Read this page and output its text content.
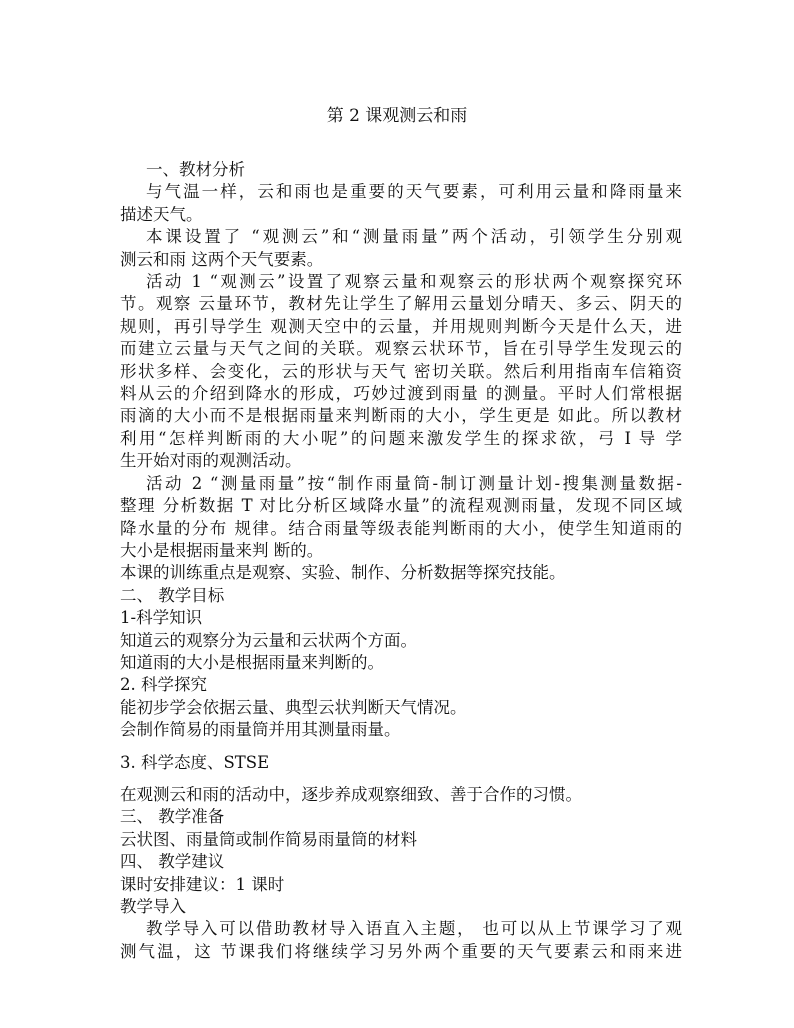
第 2 课观测云和雨

一、教材分析

与气温一样，云和雨也是重要的天气要素，可利用云量和降雨量来
描述天气。

本课设置了 “观测云”和“测量雨量”两个活动，引领学生分别观
测云和雨 这两个天气要素。

活动 1 “观测云”设置了观察云量和观察云的形状两个观察探究环
节。观察 云量环节，教材先让学生了解用云量划分晴天、多云、阴天的
规则，再引导学生 观测天空中的云量，并用规则判断今天是什么天，进
而建立云量与天气之间的关联。观察云状环节，旨在引导学生发现云的
形状多样、会变化，云的形状与天气 密切关联。然后利用指南车信箱资
料从云的介绍到降水的形成，巧妙过渡到雨量 的测量。平时人们常根据
雨滴的大小而不是根据雨量来判断雨的大小，学生更是 如此。所以教材
利用“怎样判断雨的大小呢”的问题来激发学生的探求欲，弓 I 导 学
生开始对雨的观测活动。

活动 2 “测量雨量”按“制作雨量筒-制订测量计划-搜集测量数据-
整理 分析数据 T 对比分析区域降水量”的流程观测雨量，发现不同区域
降水量的分布 规律。结合雨量等级表能判断雨的大小，使学生知道雨的
大小是根据雨量来判 断的。

本课的训练重点是观察、实验、制作、分析数据等探究技能。

二、 教学目标

1-科学知识

知道云的观察分为云量和云状两个方面。

知道雨的大小是根据雨量来判断的。

2. 科学探究

能初步学会依据云量、典型云状判断天气情况。

会制作简易的雨量筒并用其测量雨量。

3. 科学态度、STSE

在观测云和雨的活动中，逐步养成观察细致、善于合作的习惯。

三、 教学准备

云状图、雨量筒或制作简易雨量筒的材料

四、 教学建议

课时安排建议：1 课时

教学导入

教学导入可以借助教材导入语直入主题， 也可以从上节课学习了观
测气温，这 节课我们将继续学习另外两个重要的天气要素云和雨来进
